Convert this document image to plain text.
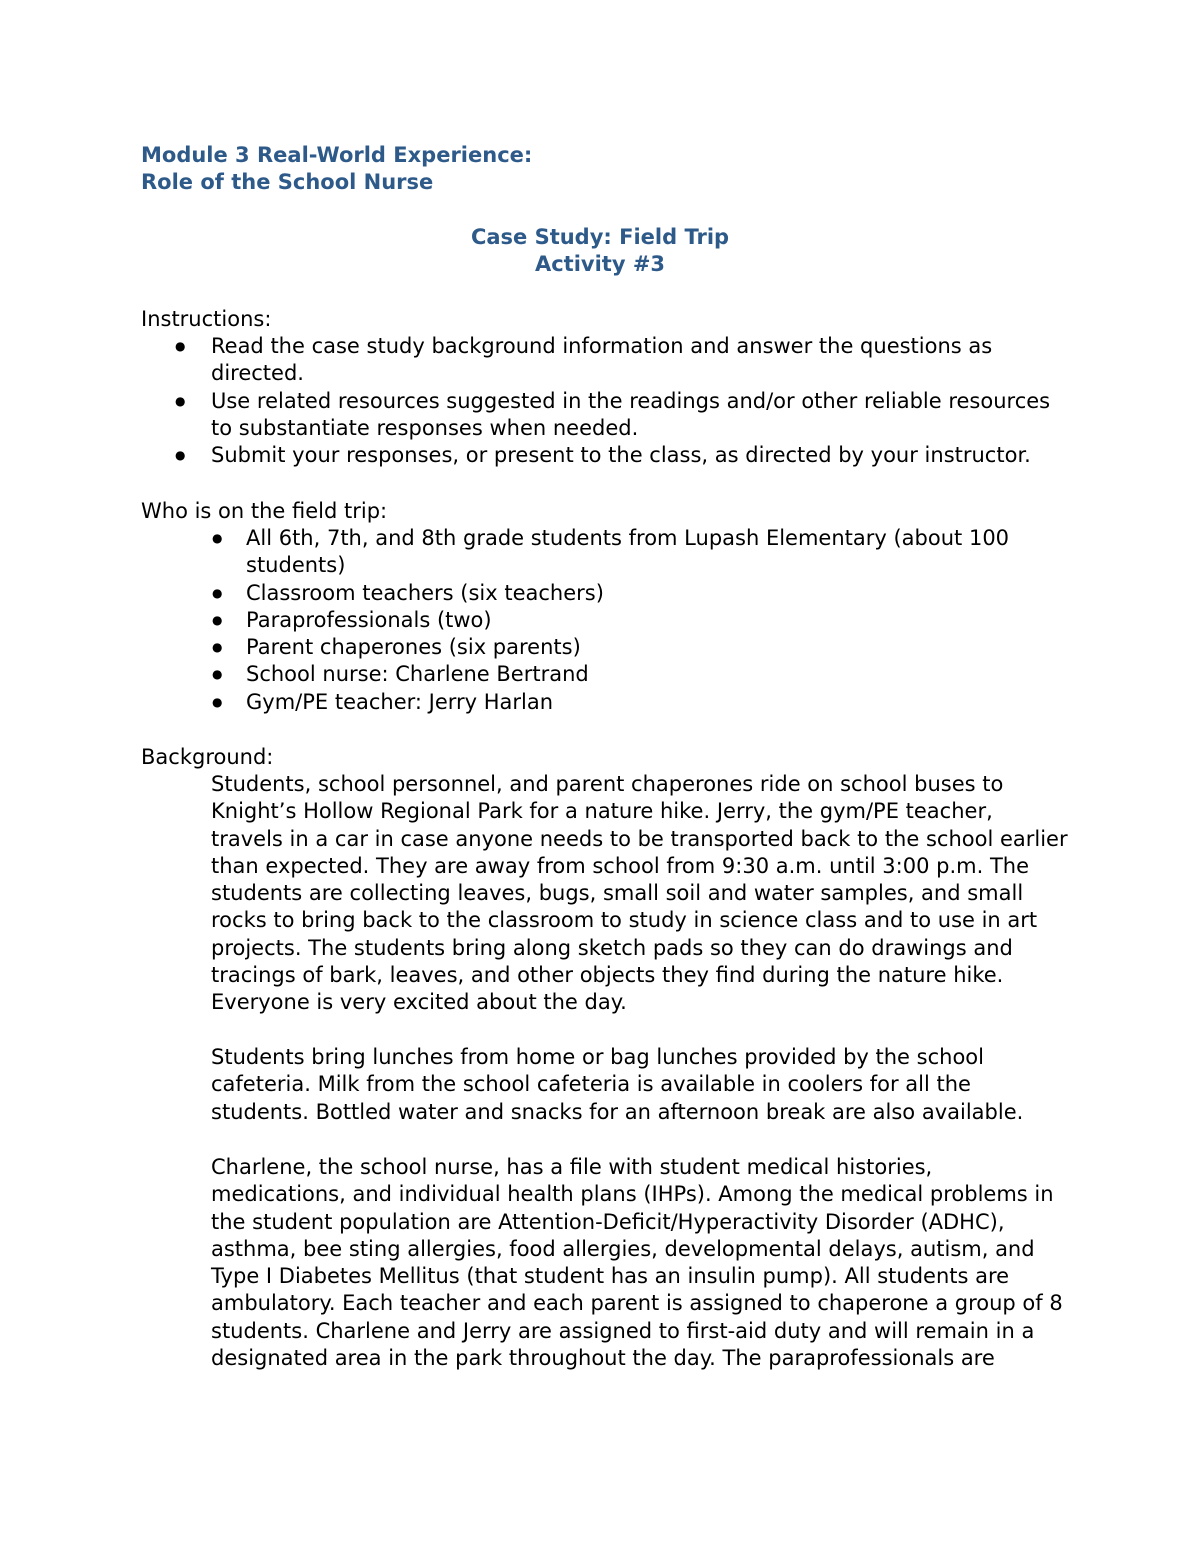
Module 3 Real-World Experience:
Role of the School Nurse
Case Study: Field Trip
Activity #3
Instructions:
● Read the case study background information and answer the questions as directed.
● Use related resources suggested in the readings and/or other reliable resources to substantiate responses when needed.
● Submit your responses, or present to the class, as directed by your instructor.
Who is on the field trip:
● All 6th, 7th, and 8th grade students from Lupash Elementary (about 100 students)
● Classroom teachers (six teachers)
● Paraprofessionals (two)
● Parent chaperones (six parents)
● School nurse: Charlene Bertrand
● Gym/PE teacher: Jerry Harlan
Background:

Students, school personnel, and parent chaperones ride on school buses to Knight’s Hollow Regional Park for a nature hike. Jerry, the gym/PE teacher, travels in a car in case anyone needs to be transported back to the school earlier than expected. They are away from school from 9:30 a.m. until 3:00 p.m. The students are collecting leaves, bugs, small soil and water samples, and small rocks to bring back to the classroom to study in science class and to use in art projects. The students bring along sketch pads so they can do drawings and tracings of bark, leaves, and other objects they find during the nature hike. Everyone is very excited about the day.

Students bring lunches from home or bag lunches provided by the school cafeteria. Milk from the school cafeteria is available in coolers for all the students. Bottled water and snacks for an afternoon break are also available.

Charlene, the school nurse, has a file with student medical histories, medications, and individual health plans (IHPs). Among the medical problems in the student population are Attention-Deficit/Hyperactivity Disorder (ADHC), asthma, bee sting allergies, food allergies, developmental delays, autism, and Type I Diabetes Mellitus (that student has an insulin pump). All students are ambulatory. Each teacher and each parent is assigned to chaperone a group of 8 students. Charlene and Jerry are assigned to first-aid duty and will remain in a designated area in the park throughout the day. The paraprofessionals are
